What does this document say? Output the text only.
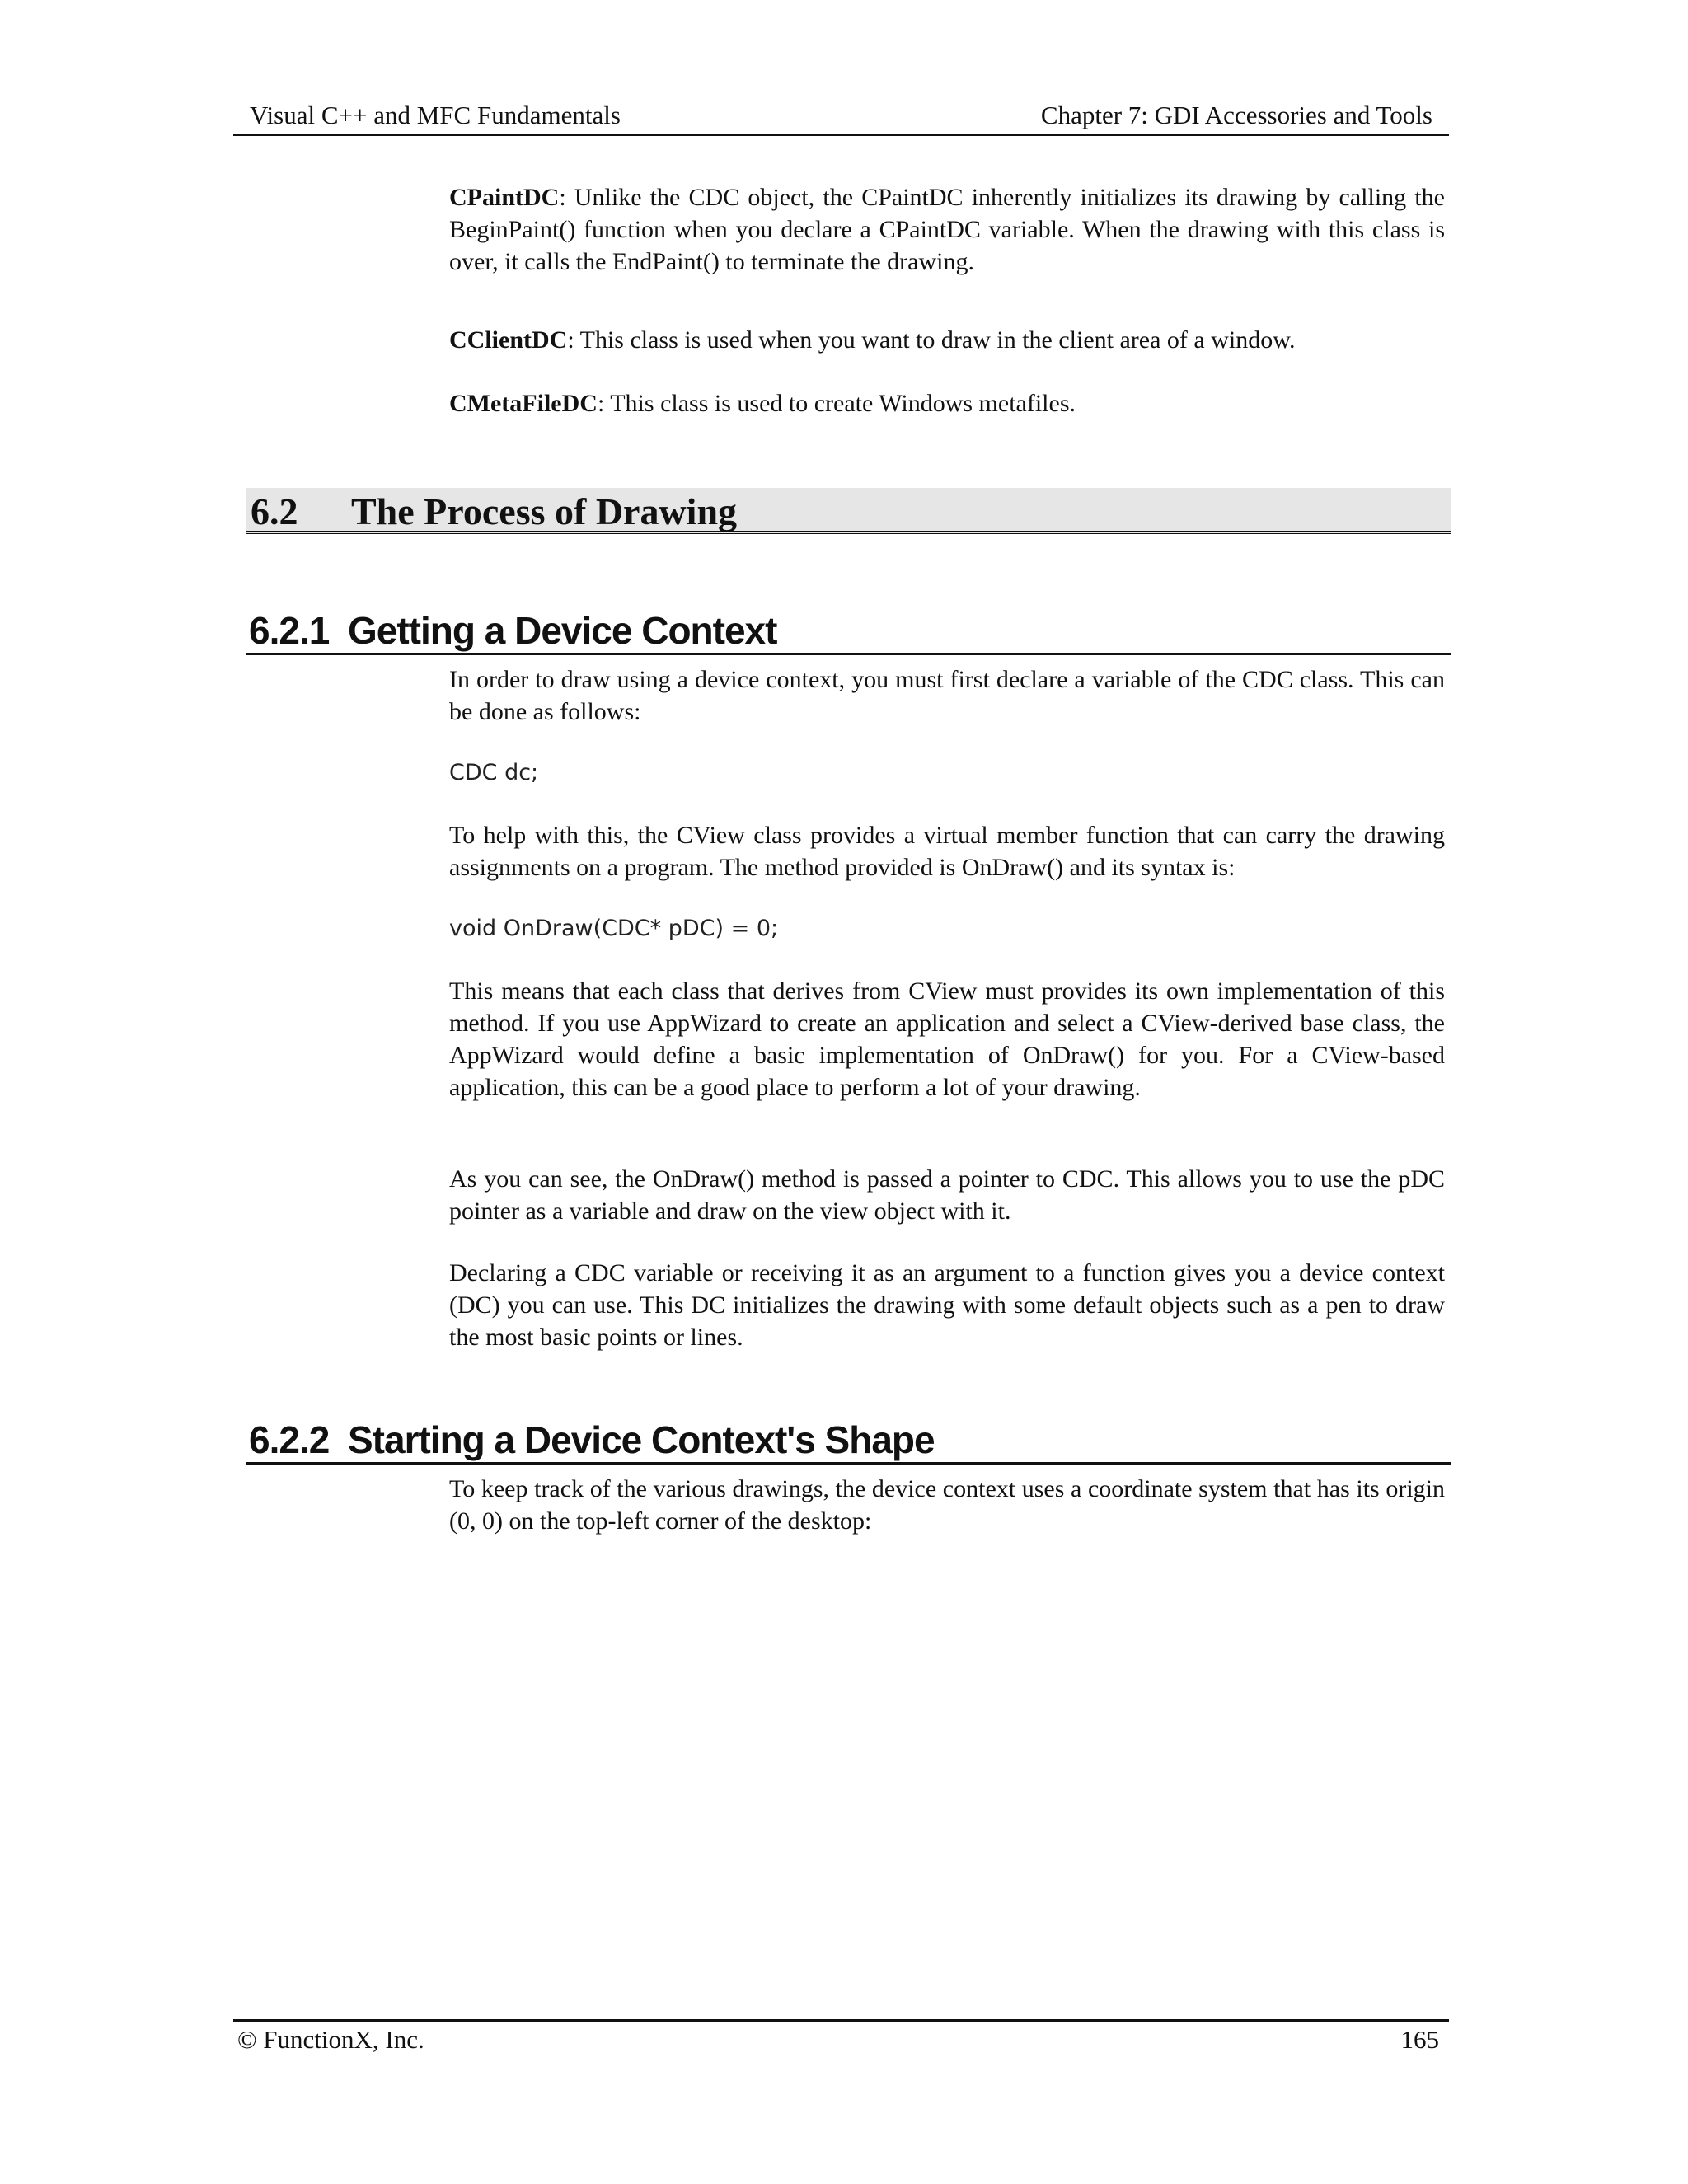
Visual C++ and MFC Fundamentals	Chapter 7: GDI Accessories and Tools

CPaintDC: Unlike the CDC object, the CPaintDC inherently initializes its drawing by calling the BeginPaint() function when you declare a CPaintDC variable. When the drawing with this class is over, it calls the EndPaint() to terminate the drawing.

CClientDC: This class is used when you want to draw in the client area of a window.

CMetaFileDC: This class is used to create Windows metafiles.

6.2 The Process of Drawing
6.2.1 Getting a Device Context

In order to draw using a device context, you must first declare a variable of the CDC class. This can be done as follows:

CDC dc;

To help with this, the CView class provides a virtual member function that can carry the drawing assignments on a program. The method provided is OnDraw() and its syntax is:

void OnDraw(CDC* pDC) = 0;

This means that each class that derives from CView must provides its own implementation of this method. If you use AppWizard to create an application and select a CView-derived base class, the AppWizard would define a basic implementation of OnDraw() for you. For a CView-based application, this can be a good place to perform a lot of your drawing.

As you can see, the OnDraw() method is passed a pointer to CDC. This allows you to use the pDC pointer as a variable and draw on the view object with it.

Declaring a CDC variable or receiving it as an argument to a function gives you a device context (DC) you can use. This DC initializes the drawing with some default objects such as a pen to draw the most basic points or lines.

6.2.2 Starting a Device Context's Shape

To keep track of the various drawings, the device context uses a coordinate system that has its origin (0, 0) on the top-left corner of the desktop:

© FunctionX, Inc.	165
